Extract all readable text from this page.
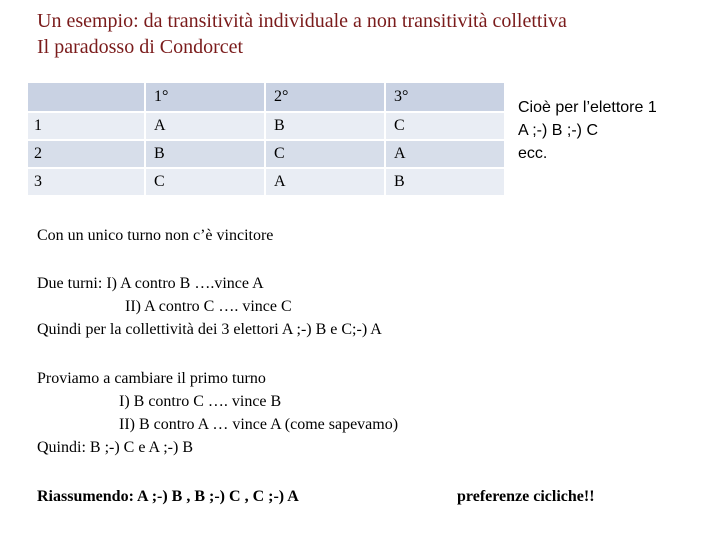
Un esempio: da transitività individuale a non transitività collettiva
Il paradosso di Condorcet
	1°	2°	3°
1	A	B	C
2	B	C	A
3	C	A	B
Cioè per l’elettore 1
A ;-) B ;-) C
ecc.
Con un unico turno non c’è vincitore
Due turni: I) A contro B ….vince A
II) A contro C …. vince C
Quindi per la collettività dei 3 elettori A ;-) B e C;-) A
Proviamo a cambiare il primo turno
I) B contro C …. vince B
II) B contro A … vince A (come sapevamo)
Quindi: B ;-) C e A ;-) B
Riassumendo: A ;-) B , B ;-) C , C ;-) A	preferenze cicliche!!
